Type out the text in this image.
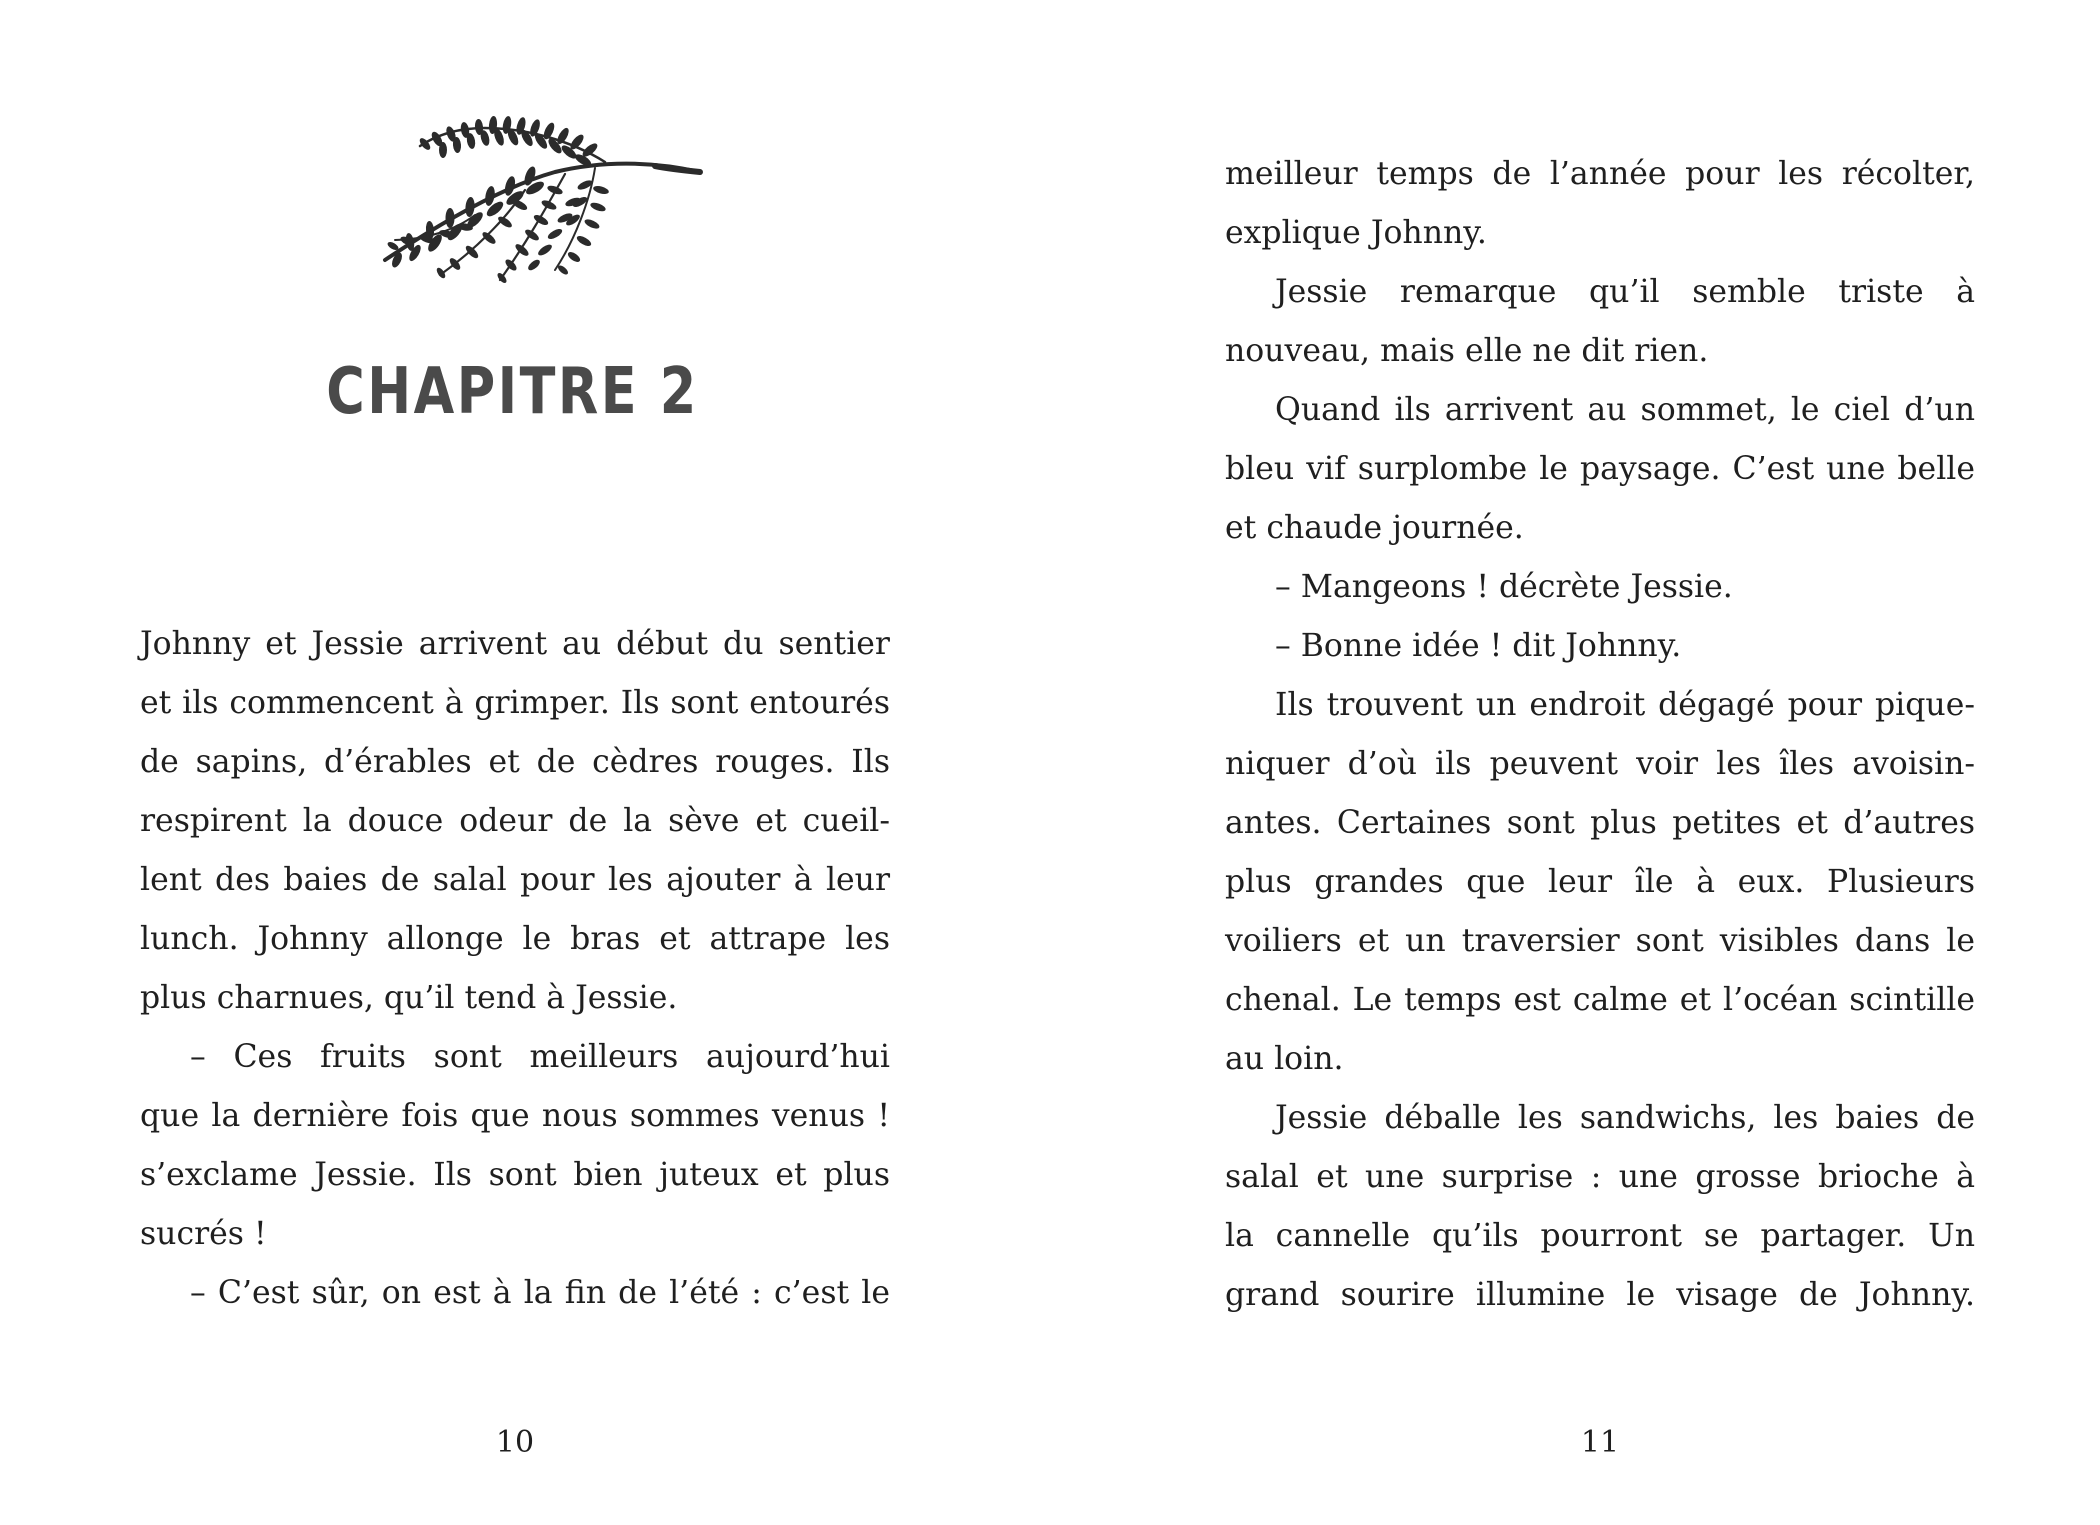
CHAPITRE 2
Johnny et Jessie arrivent au début du sentier
et ils commencent à grimper. Ils sont entourés
de sapins, d’érables et de cèdres rouges. Ils
respirent la douce odeur de la sève et cueil-
lent des baies de salal pour les ajouter à leur
lunch. Johnny allonge le bras et attrape les
plus charnues, qu’il tend à Jessie.
– Ces fruits sont meilleurs aujourd’hui
que la dernière fois que nous sommes venus !
s’exclame Jessie. Ils sont bien juteux et plus
sucrés !
– C’est sûr, on est à la fin de l’été : c’est le
10
meilleur temps de l’année pour les récolter,
explique Johnny.
Jessie remarque qu’il semble triste à
nouveau, mais elle ne dit rien.
Quand ils arrivent au sommet, le ciel d’un
bleu vif surplombe le paysage. C’est une belle
et chaude journée.
– Mangeons ! décrète Jessie.
– Bonne idée ! dit Johnny.
Ils trouvent un endroit dégagé pour pique-
niquer d’où ils peuvent voir les îles avoisin-
antes. Certaines sont plus petites et d’autres
plus grandes que leur île à eux. Plusieurs
voiliers et un traversier sont visibles dans le
chenal. Le temps est calme et l’océan scintille
au loin.
Jessie déballe les sandwichs, les baies de
salal et une surprise : une grosse brioche à
la cannelle qu’ils pourront se partager. Un
grand sourire illumine le visage de Johnny.
11
